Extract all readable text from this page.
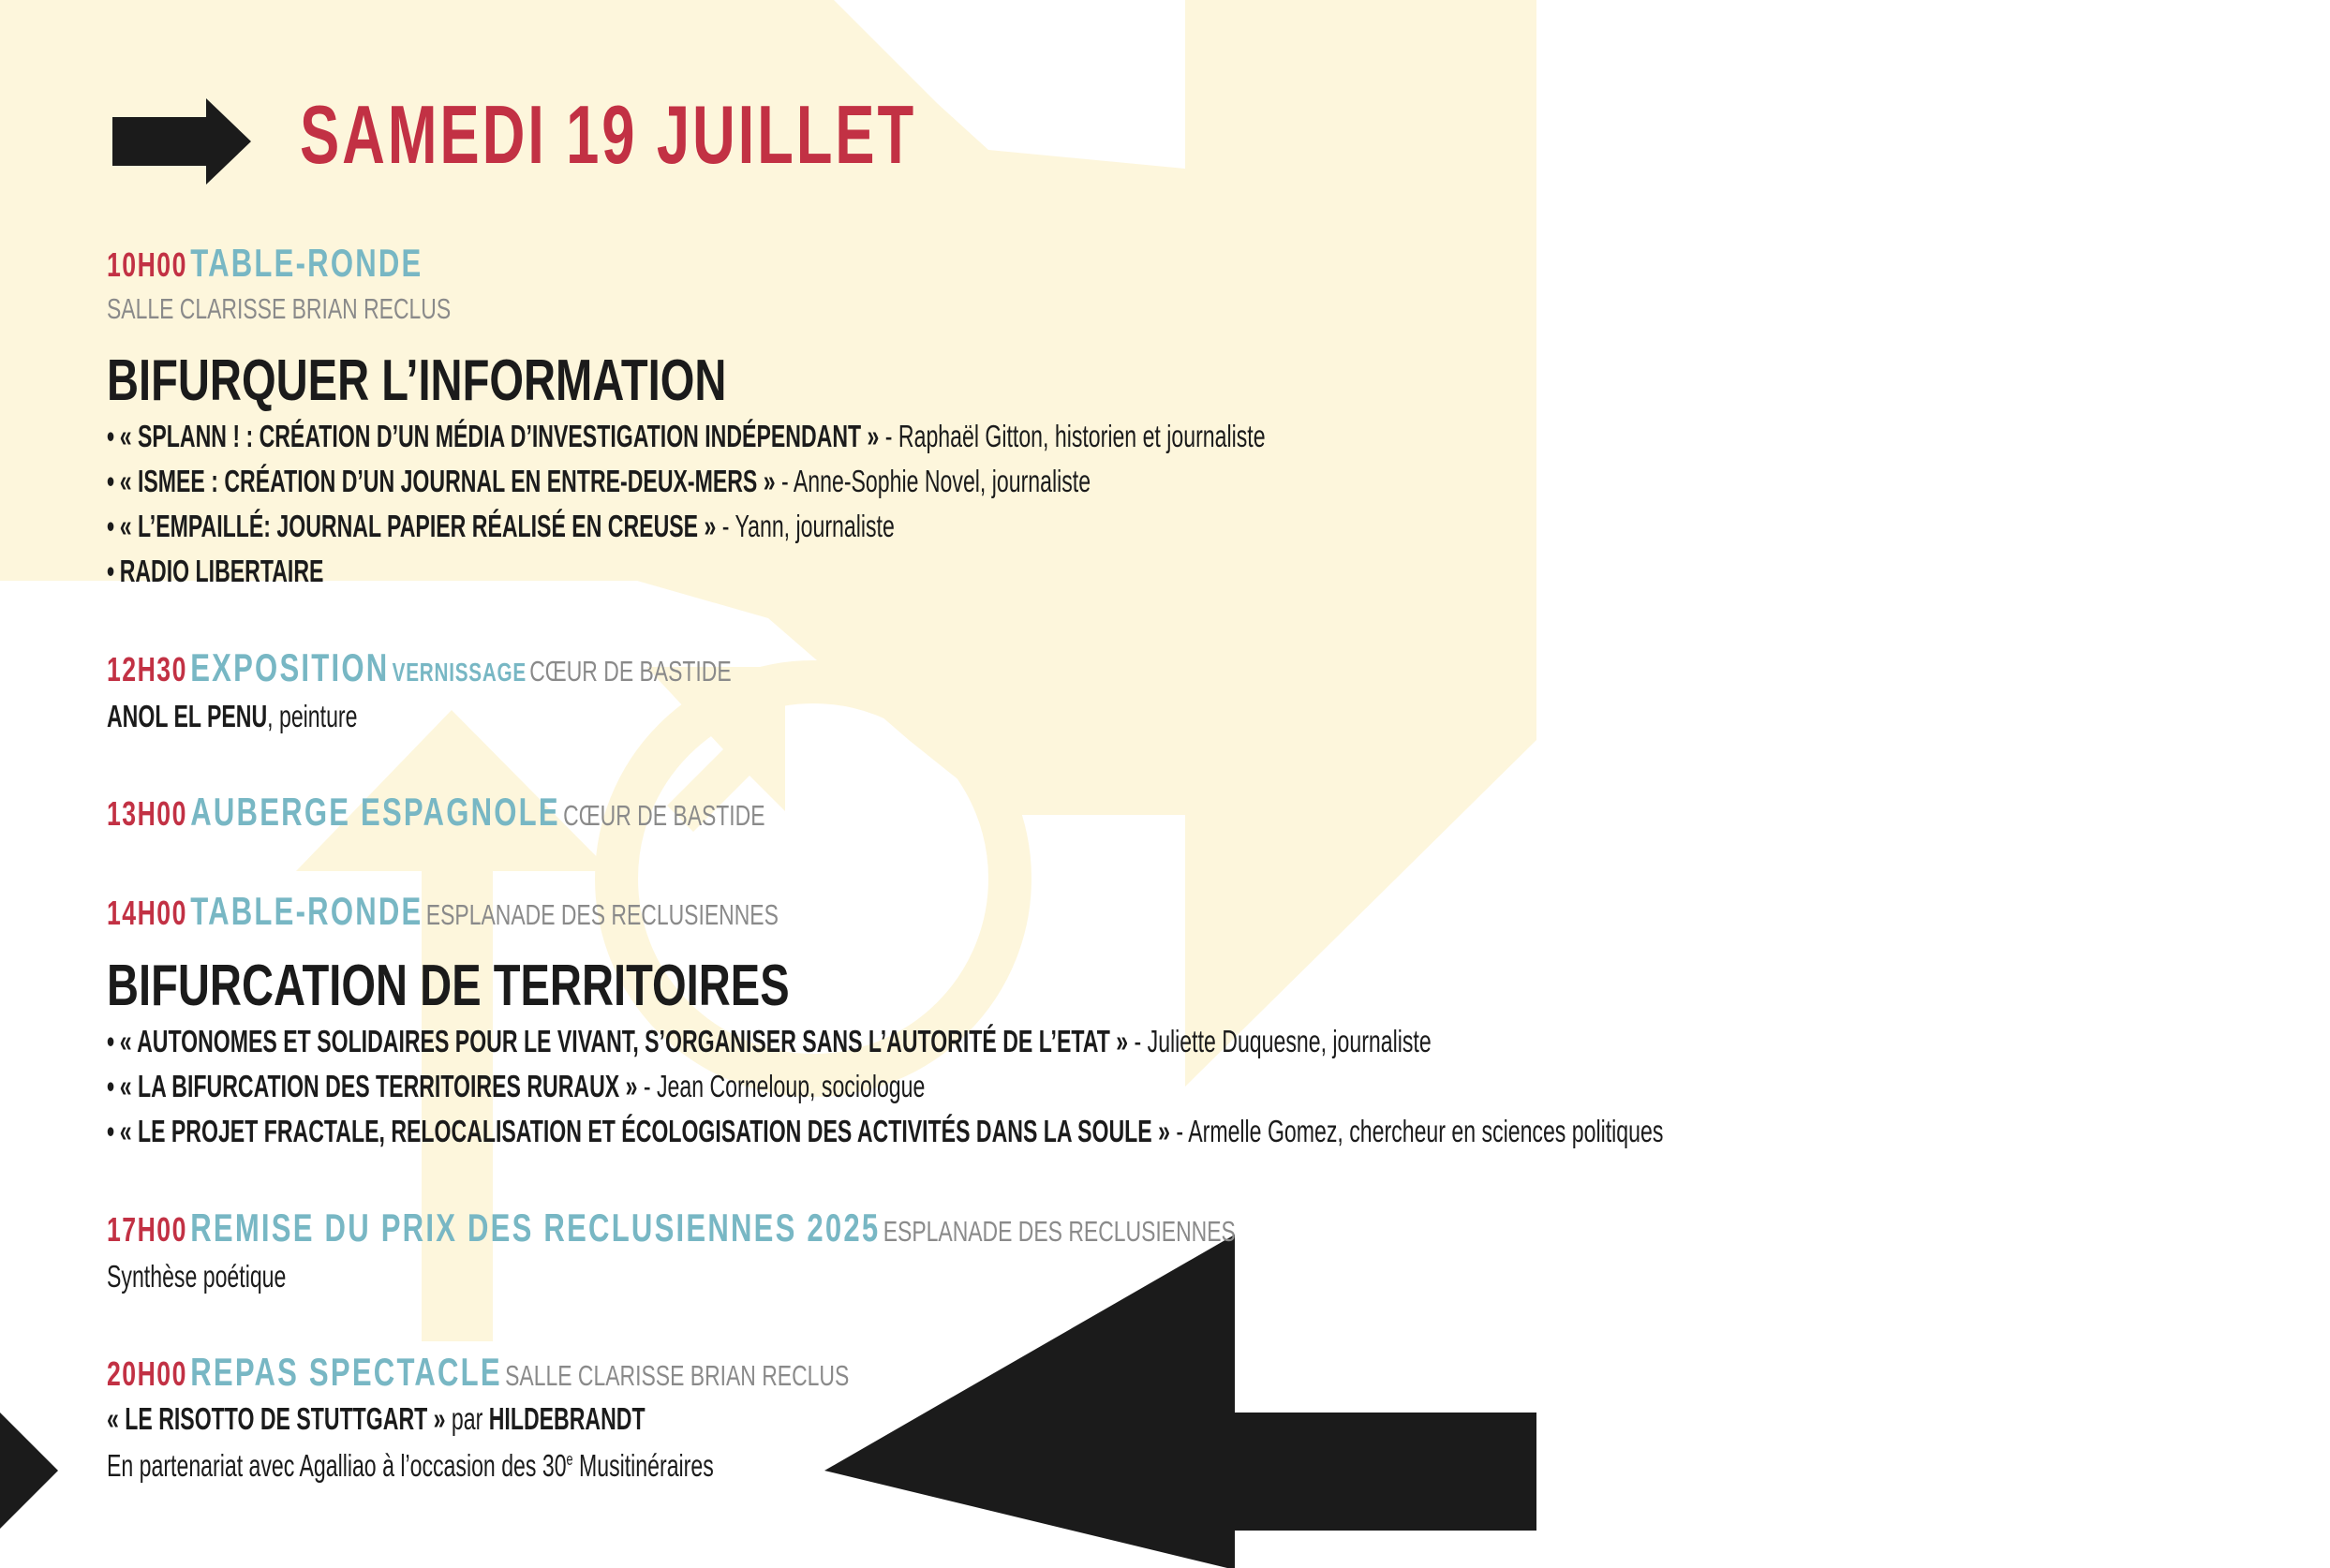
SAMEDI 19 JUILLET
10H00 TABLE-RONDE
SALLE CLARISSE BRIAN RECLUS
BIFURQUER L’INFORMATION
• « SPLANN ! : CRÉATION D’UN MÉDIA D’INVESTIGATION INDÉPENDANT » - Raphaël Gitton, historien et journaliste
• « ISMEE : CRÉATION D’UN JOURNAL EN ENTRE-DEUX-MERS » - Anne-Sophie Novel, journaliste
• « L’EMPAILLÉ: JOURNAL PAPIER RÉALISÉ EN CREUSE » - Yann, journaliste
• RADIO LIBERTAIRE
12H30 EXPOSITION VERNISSAGE CŒUR DE BASTIDE
ANOL EL PENU, peinture
13H00 AUBERGE ESPAGNOLE CŒUR DE BASTIDE
14H00 TABLE-RONDE ESPLANADE DES RECLUSIENNES
BIFURCATION DE TERRITOIRES
• « AUTONOMES ET SOLIDAIRES POUR LE VIVANT, S’ORGANISER SANS L’AUTORITÉ DE L’ETAT » - Juliette Duquesne, journaliste
• « LA BIFURCATION DES TERRITOIRES RURAUX » - Jean Corneloup, sociologue
• « LE PROJET FRACTALE, RELOCALISATION ET ÉCOLOGISATION DES ACTIVITÉS DANS LA SOULE » - Armelle Gomez, chercheur en sciences politiques
17H00 REMISE DU PRIX DES RECLUSIENNES 2025 ESPLANADE DES RECLUSIENNES
Synthèse poétique
20H00 REPAS SPECTACLE SALLE CLARISSE BRIAN RECLUS
« LE RISOTTO DE STUTTGART » par HILDEBRANDT
En partenariat avec Agalliao à l’occasion des 30e Musitinéraires
